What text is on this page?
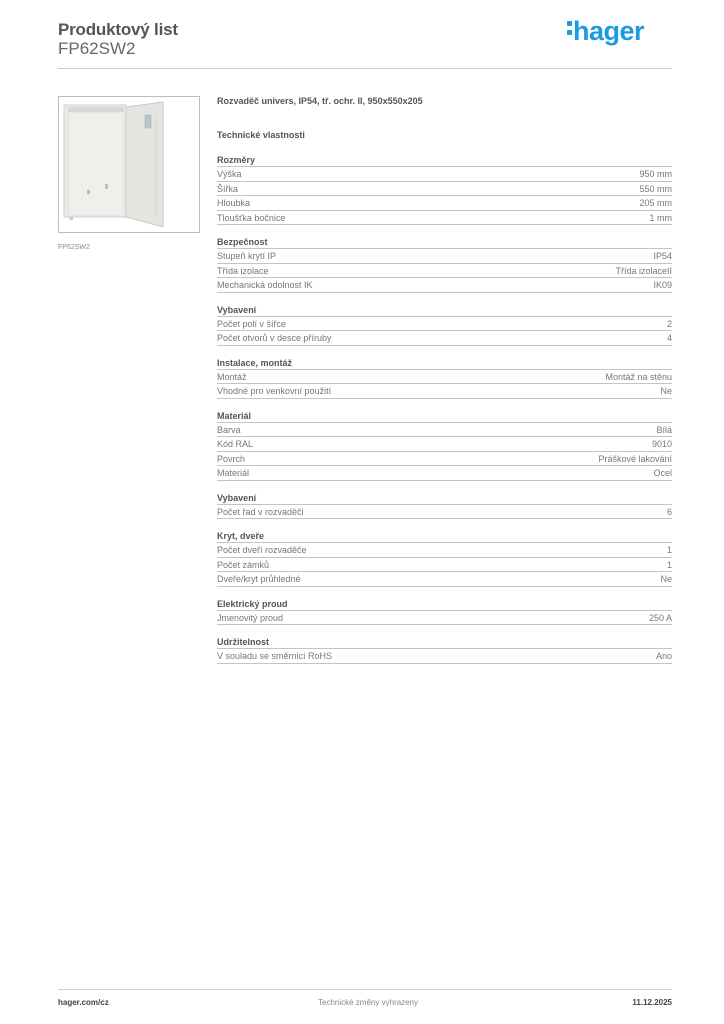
Produktový list
FP62SW2
hager
FP62SW2
Rozvaděč univers, IP54, tř. ochr. II, 950x550x205
Technické vlastnosti
Rozměry
Výška	950 mm
Šířka	550 mm
Hloubka	205 mm
Tloušťka bočnice	1 mm
Bezpečnost
Stupeň krytí IP	IP54
Třída izolace	Třída izolaceII
Mechanická odolnost IK	IK09
Vybavení
Počet polí v šířce	2
Počet otvorů v desce příruby	4
Instalace, montáž
Montáž	Montáž na stěnu
Vhodné pro venkovní použití	Ne
Materiál
Barva	Bílá
Kód RAL	9010
Povrch	Práškové lakování
Materiál	Ocel
Vybavení
Počet řad v rozvaděči	6
Kryt, dveře
Počet dveří rozvaděče	1
Počet zámků	1
Dveře/kryt průhledné	Ne
Elektrický proud
Jmenovitý proud	250 A
Udržitelnost
V souladu se směrnicí RoHS	Ano
hager.com/cz	Technické změny vyhrazeny	11.12.2025
